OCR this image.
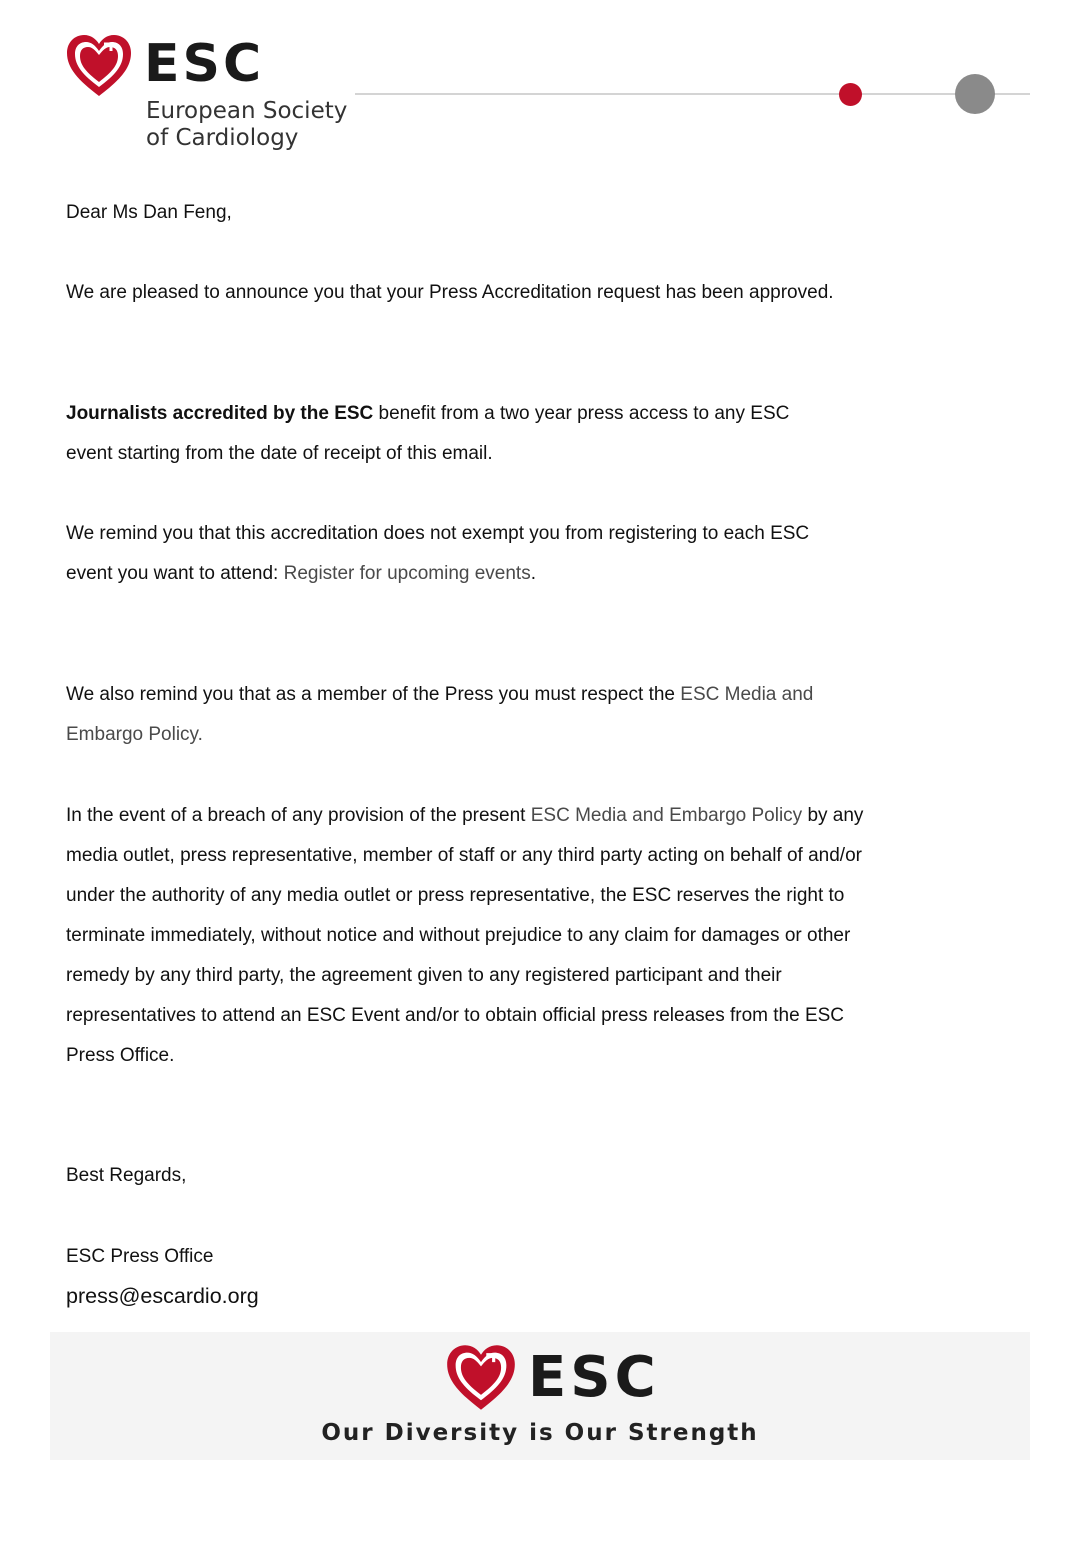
ESC
European Society
of Cardiology

Dear Ms Dan Feng,

We are pleased to announce you that your Press Accreditation request has been approved.

Journalists accredited by the ESC benefit from a two year press access to any ESC event starting from the date of receipt of this email.

We remind you that this accreditation does not exempt you from registering to each ESC event you want to attend: Register for upcoming events.

We also remind you that as a member of the Press you must respect the ESC Media and Embargo Policy.

In the event of a breach of any provision of the present ESC Media and Embargo Policy by any media outlet, press representative, member of staff or any third party acting on behalf of and/or under the authority of any media outlet or press representative, the ESC reserves the right to terminate immediately, without notice and without prejudice to any claim for damages or other remedy by any third party, the agreement given to any registered participant and their representatives to attend an ESC Event and/or to obtain official press releases from the ESC Press Office.

Best Regards,

ESC Press Office

press@escardio.org

ESC
Our Diversity is Our Strength
